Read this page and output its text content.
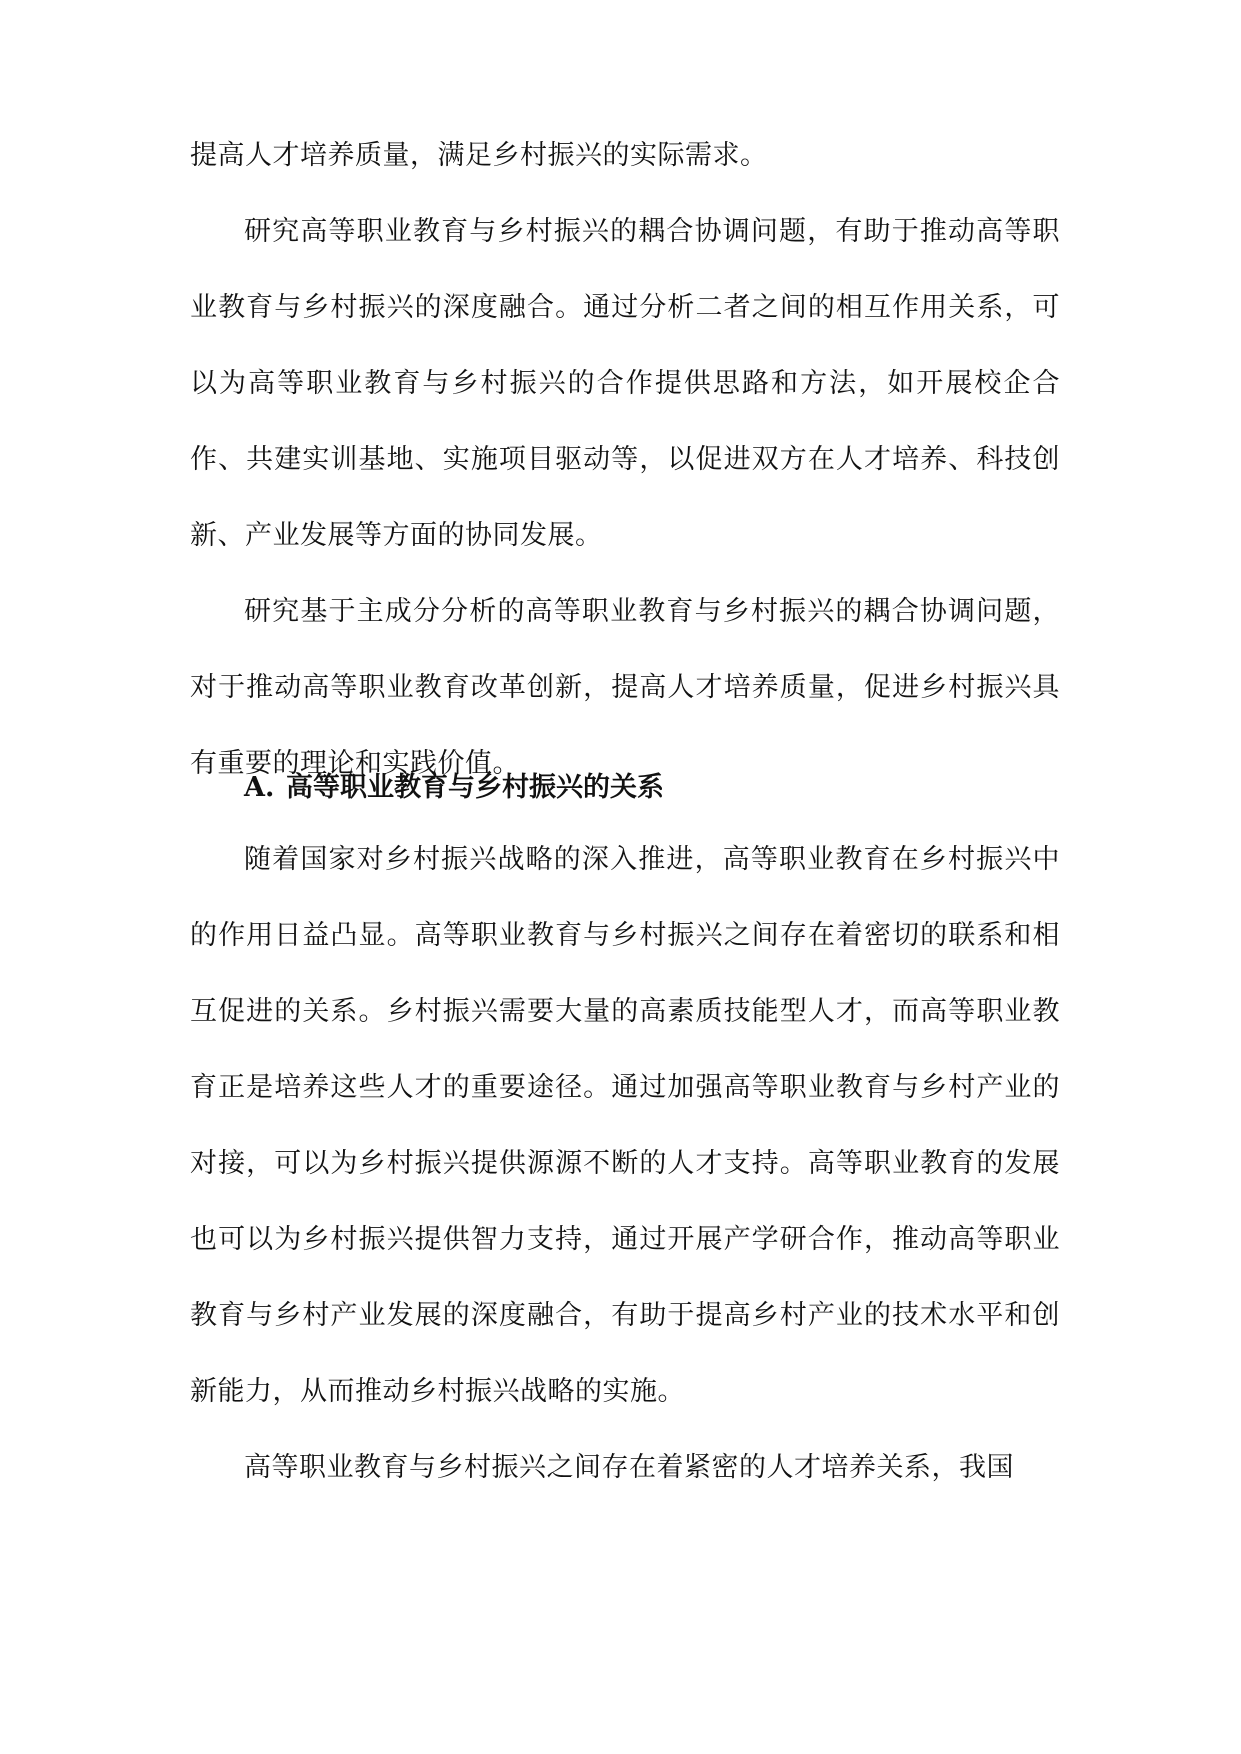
提高人才培养质量，满足乡村振兴的实际需求。

研究高等职业教育与乡村振兴的耦合协调问题，有助于推动高等职业教育与乡村振兴的深度融合。通过分析二者之间的相互作用关系，可以为高等职业教育与乡村振兴的合作提供思路和方法，如开展校企合作、共建实训基地、实施项目驱动等，以促进双方在人才培养、科技创新、产业发展等方面的协同发展。

研究基于主成分分析的高等职业教育与乡村振兴的耦合协调问题，对于推动高等职业教育改革创新，提高人才培养质量，促进乡村振兴具有重要的理论和实践价值。

A. 高等职业教育与乡村振兴的关系

随着国家对乡村振兴战略的深入推进，高等职业教育在乡村振兴中的作用日益凸显。高等职业教育与乡村振兴之间存在着密切的联系和相互促进的关系。乡村振兴需要大量的高素质技能型人才，而高等职业教育正是培养这些人才的重要途径。通过加强高等职业教育与乡村产业的对接，可以为乡村振兴提供源源不断的人才支持。高等职业教育的发展也可以为乡村振兴提供智力支持，通过开展产学研合作，推动高等职业教育与乡村产业发展的深度融合，有助于提高乡村产业的技术水平和创新能力，从而推动乡村振兴战略的实施。

高等职业教育与乡村振兴之间存在着紧密的人才培养关系，我国
